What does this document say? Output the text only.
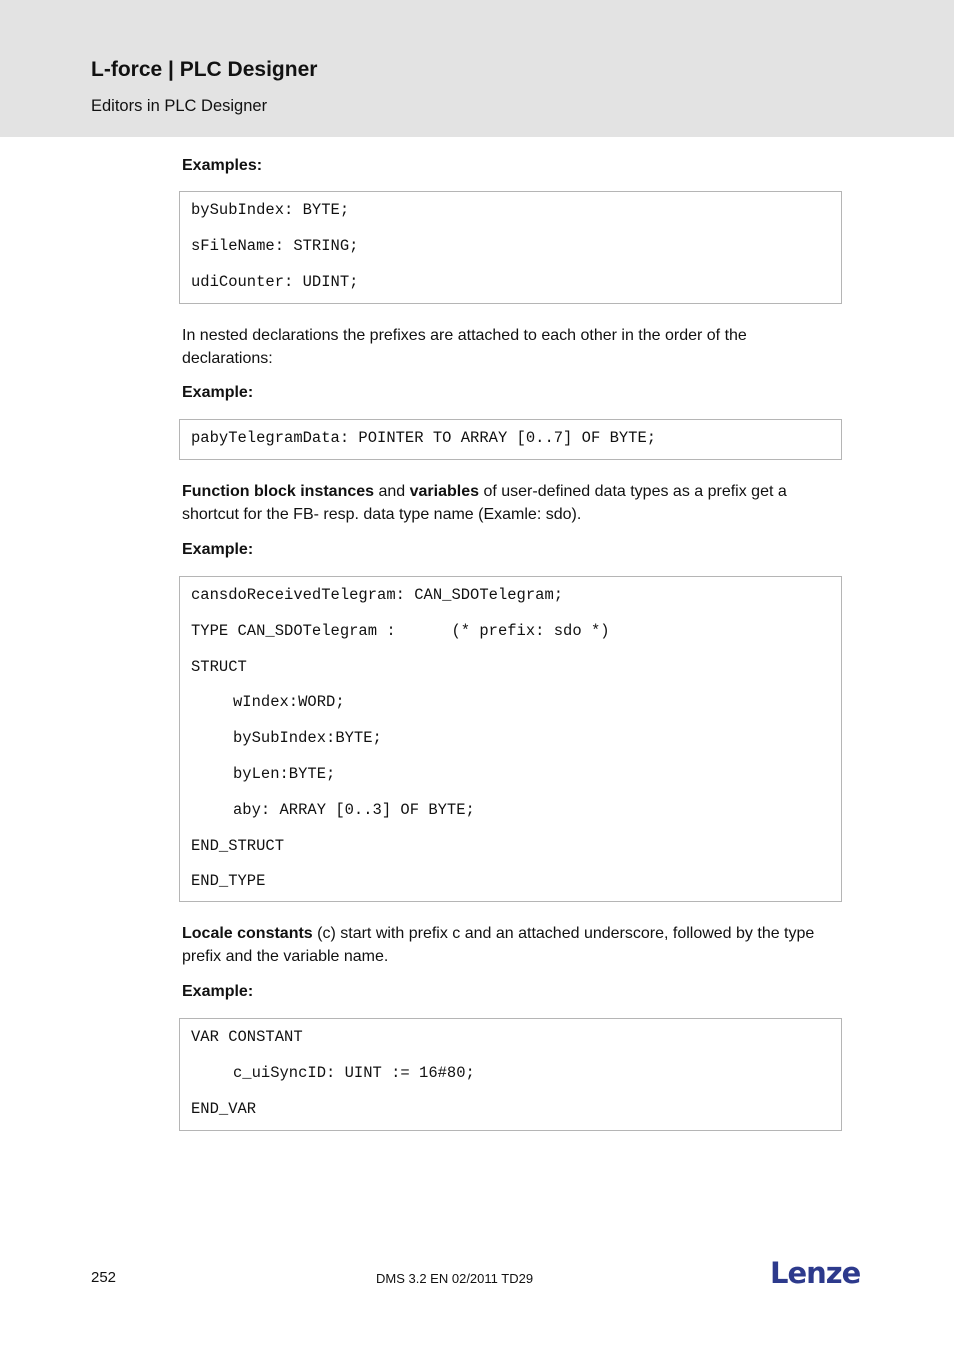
L-force | PLC Designer
Editors in PLC Designer
Examples:
bySubIndex: BYTE;
sFileName: STRING;
udiCounter: UDINT;
In nested declarations the prefixes are attached to each other in the order of the declarations:
Example:
pabyTelegramData: POINTER TO ARRAY [0..7] OF BYTE;
Function block instances and variables of user-defined data types as a prefix get a shortcut for the FB- resp. data type name (Examle: sdo).
Example:
cansdoReceivedTelegram: CAN_SDOTelegram;
TYPE CAN_SDOTelegram :      (* prefix: sdo *)
STRUCT
wIndex:WORD;
bySubIndex:BYTE;
byLen:BYTE;
aby: ARRAY [0..3] OF BYTE;
END_STRUCT
END_TYPE
Locale constants (c) start with prefix c and an attached underscore, followed by the type prefix and the variable name.
Example:
VAR CONSTANT
c_uiSyncID: UINT := 16#80;
END_VAR
252	DMS 3.2 EN 02/2011 TD29	Lenze
